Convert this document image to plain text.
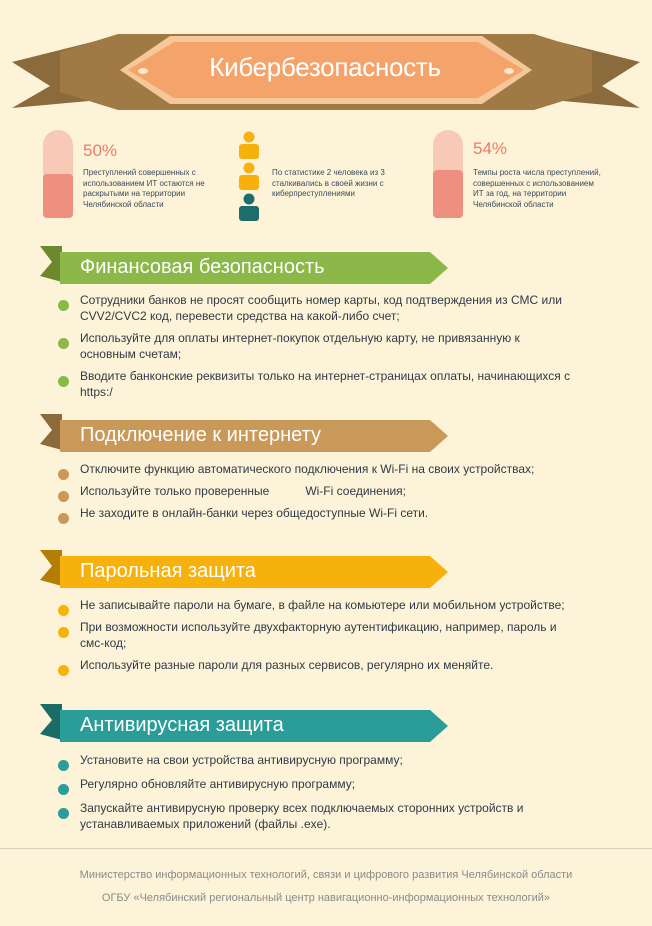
Кибербезопасность
50%
Преступлений совершенных с использованием ИТ остаются не раскрытыми на территории Челябинской области
По статистике 2 человека из 3 сталкивались в своей жизни с киберпреступлениями
54%
Темпы роста числа преступлений, совершенных с использованием ИТ за год, на территории Челябинской области
Финансовая безопасность
Сотрудники банков не просят сообщить номер карты, код подтверждения из СМС или CVV2/CVC2 код, перевести средства на какой-либо счет;
Используйте для оплаты интернет-покупок отдельную карту, не привязанную к основным счетам;
Вводите банконские реквизиты только на интернет-страницах оплаты, начинающихся с https:/
Подключение к интернету
Отключите функцию автоматического подключения к Wi-Fi на своих устройствах;
Используйте только проверенные	Wi-Fi соединения;
Не заходите в онлайн-банки через общедоступные Wi-Fi сети.
Парольная защита
Не записывайте пароли на бумаге, в файле на комьютере или мобильном устройстве;
При возможности используйте двухфакторную аутентификацию, например, пароль и смс-код;
Используйте разные пароли для разных сервисов, регулярно их меняйте.
Антивирусная защита
Установите на свои устройства антивирусную программу;
Регулярно обновляйте антивирусную программу;
Запускайте антивирусную проверку всех подключаемых сторонних устройств и устанавливаемых приложений (файлы .exe).
Министерство информационных технологий, связи и цифрового развития Челябинской области
ОГБУ «Челябинский региональный центр навигационно-информационных технологий»
